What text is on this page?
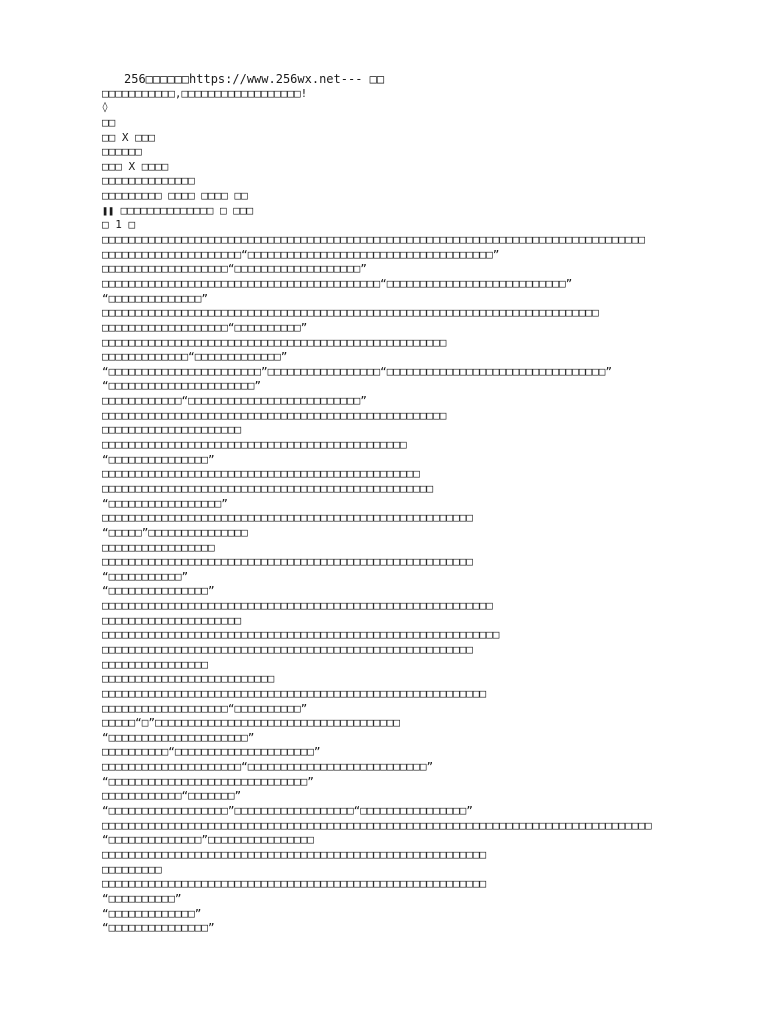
256□□□□□□https://www.256wx.net--- □□
□□□□□□□□□□□,□□□□□□□□□□□□□□□□□□!
◊
□□
□□ X □□□
□□□□□□
□□□ X □□□□
□□□□□□□□□□□□□□
□□□□□□□□□ □□□□ □□□□ □□
❚❚ □□□□□□□□□□□□□□ □ □□□
□ 1 □
□□□□□□□□□□□□□□□□□□□□□□□□□□□□□□□□□□□□□□□□□□□□□□□□□□□□□□□□□□□□□□□□□□□□□□□□□□□□□□□□□□
□□□□□□□□□□□□□□□□□□□□□“□□□□□□□□□□□□□□□□□□□□□□□□□□□□□□□□□□□□□”
□□□□□□□□□□□□□□□□□□□“□□□□□□□□□□□□□□□□□□□”
□□□□□□□□□□□□□□□□□□□□□□□□□□□□□□□□□□□□□□□□□□“□□□□□□□□□□□□□□□□□□□□□□□□□□□”
“□□□□□□□□□□□□□□”
□□□□□□□□□□□□□□□□□□□□□□□□□□□□□□□□□□□□□□□□□□□□□□□□□□□□□□□□□□□□□□□□□□□□□□□□□□□
□□□□□□□□□□□□□□□□□□□“□□□□□□□□□□”
□□□□□□□□□□□□□□□□□□□□□□□□□□□□□□□□□□□□□□□□□□□□□□□□□□□□
□□□□□□□□□□□□□“□□□□□□□□□□□□□”
“□□□□□□□□□□□□□□□□□□□□□□□”□□□□□□□□□□□□□□□□□“□□□□□□□□□□□□□□□□□□□□□□□□□□□□□□□□□”
“□□□□□□□□□□□□□□□□□□□□□□”
□□□□□□□□□□□□“□□□□□□□□□□□□□□□□□□□□□□□□□□”
□□□□□□□□□□□□□□□□□□□□□□□□□□□□□□□□□□□□□□□□□□□□□□□□□□□□
□□□□□□□□□□□□□□□□□□□□□
□□□□□□□□□□□□□□□□□□□□□□□□□□□□□□□□□□□□□□□□□□□□□□
“□□□□□□□□□□□□□□□”
□□□□□□□□□□□□□□□□□□□□□□□□□□□□□□□□□□□□□□□□□□□□□□□□
□□□□□□□□□□□□□□□□□□□□□□□□□□□□□□□□□□□□□□□□□□□□□□□□□□
“□□□□□□□□□□□□□□□□□”
□□□□□□□□□□□□□□□□□□□□□□□□□□□□□□□□□□□□□□□□□□□□□□□□□□□□□□□□
“□□□□□”□□□□□□□□□□□□□□□
□□□□□□□□□□□□□□□□□
□□□□□□□□□□□□□□□□□□□□□□□□□□□□□□□□□□□□□□□□□□□□□□□□□□□□□□□□
“□□□□□□□□□□□”
“□□□□□□□□□□□□□□□”
□□□□□□□□□□□□□□□□□□□□□□□□□□□□□□□□□□□□□□□□□□□□□□□□□□□□□□□□□□□
□□□□□□□□□□□□□□□□□□□□□
□□□□□□□□□□□□□□□□□□□□□□□□□□□□□□□□□□□□□□□□□□□□□□□□□□□□□□□□□□□□
□□□□□□□□□□□□□□□□□□□□□□□□□□□□□□□□□□□□□□□□□□□□□□□□□□□□□□□□
□□□□□□□□□□□□□□□□
□□□□□□□□□□□□□□□□□□□□□□□□□□
□□□□□□□□□□□□□□□□□□□□□□□□□□□□□□□□□□□□□□□□□□□□□□□□□□□□□□□□□□
□□□□□□□□□□□□□□□□□□□“□□□□□□□□□□”
□□□□□“□”□□□□□□□□□□□□□□□□□□□□□□□□□□□□□□□□□□□□□
“□□□□□□□□□□□□□□□□□□□□□”
□□□□□□□□□□“□□□□□□□□□□□□□□□□□□□□□”
□□□□□□□□□□□□□□□□□□□□□“□□□□□□□□□□□□□□□□□□□□□□□□□□□”
“□□□□□□□□□□□□□□□□□□□□□□□□□□□□□□”
□□□□□□□□□□□□“□□□□□□□”
“□□□□□□□□□□□□□□□□□□”□□□□□□□□□□□□□□□□□□“□□□□□□□□□□□□□□□□”
□□□□□□□□□□□□□□□□□□□□□□□□□□□□□□□□□□□□□□□□□□□□□□□□□□□□□□□□□□□□□□□□□□□□□□□□□□□□□□□□□□□
“□□□□□□□□□□□□□□”□□□□□□□□□□□□□□□□
□□□□□□□□□□□□□□□□□□□□□□□□□□□□□□□□□□□□□□□□□□□□□□□□□□□□□□□□□□
□□□□□□□□□
□□□□□□□□□□□□□□□□□□□□□□□□□□□□□□□□□□□□□□□□□□□□□□□□□□□□□□□□□□
“□□□□□□□□□□”
“□□□□□□□□□□□□□”
“□□□□□□□□□□□□□□□”
